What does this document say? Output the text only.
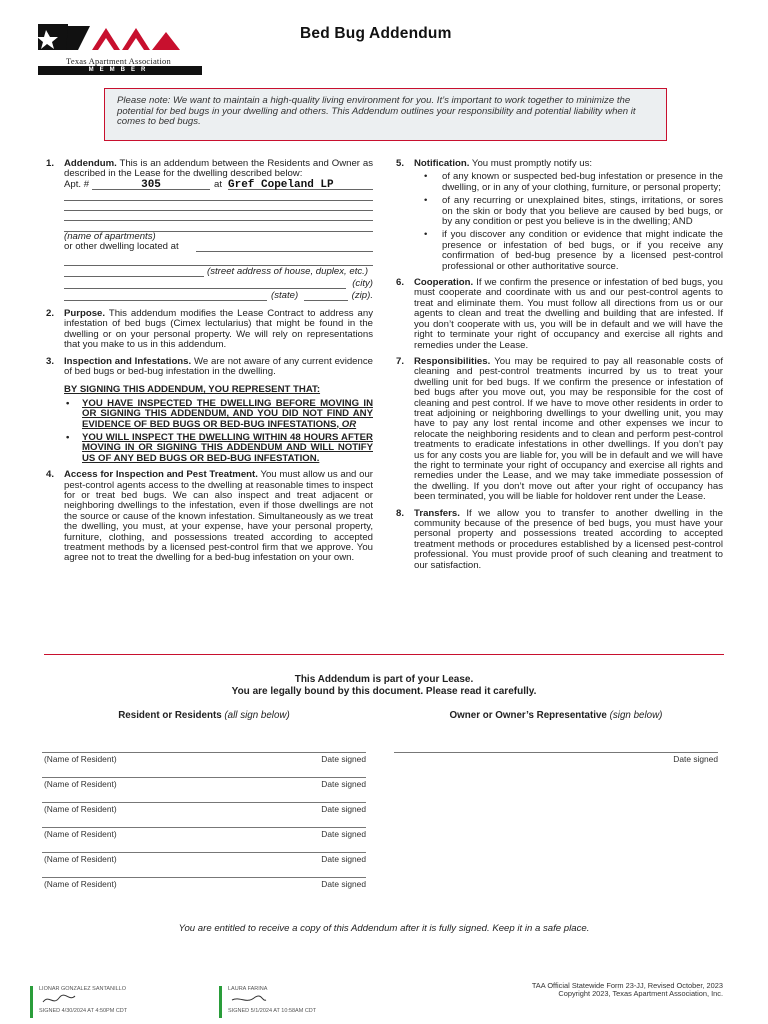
Texas Apartment Association
MEMBER
Bed Bug Addendum
Please note: We want to maintain a high-quality living environment for you. It’s important to work together to minimize the potential for bed bugs in your dwelling and others. This Addendum outlines your responsibility and potential liability when it comes to bed bugs.
1. Addendum. This is an addendum between the Residents and Owner as described in the Lease for the dwelling described below:
Apt. #	305	at Gref Copeland LP
(name of apartments)
or other dwelling located at
(street address of house, duplex, etc.)
(city)
(state)	(zip).
2. Purpose. This addendum modifies the Lease Contract to address any infestation of bed bugs (Cimex lectularius) that might be found in the dwelling or on your personal property. We will rely on representations that you make to us in this addendum.
3. Inspection and Infestations. We are not aware of any current evidence of bed bugs or bed-bug infestation in the dwelling.
BY SIGNING THIS ADDENDUM, YOU REPRESENT THAT:
• YOU HAVE INSPECTED THE DWELLING BEFORE MOVING IN OR SIGNING THIS ADDENDUM, AND YOU DID NOT FIND ANY EVIDENCE OF BED BUGS OR BED-BUG INFESTATIONS, OR
• YOU WILL INSPECT THE DWELLING WITHIN 48 HOURS AFTER MOVING IN OR SIGNING THIS ADDENDUM AND WILL NOTIFY US OF ANY BED BUGS OR BED-BUG INFESTATION.
4. Access for Inspection and Pest Treatment. You must allow us and our pest-control agents access to the dwelling at reasonable times to inspect for or treat bed bugs. We can also inspect and treat adjacent or neighboring dwellings to the infestation, even if those dwellings are not the source or cause of the known infestation. Simultaneously as we treat the dwelling, you must, at your expense, have your personal property, furniture, clothing, and possessions treated according to accepted treatment methods by a licensed pest-control firm that we approve. You agree not to treat the dwelling for a bed-bug infestation on your own.
5. Notification. You must promptly notify us:
• of any known or suspected bed-bug infestation or presence in the dwelling, or in any of your clothing, furniture, or personal property;
• of any recurring or unexplained bites, stings, irritations, or sores on the skin or body that you believe are caused by bed bugs, or by any condition or pest you believe is in the dwelling; AND
• if you discover any condition or evidence that might indicate the presence or infestation of bed bugs, or if you receive any confirmation of bed-bug presence by a licensed pest-control professional or other authoritative source.
6. Cooperation. If we confirm the presence or infestation of bed bugs, you must cooperate and coordinate with us and our pest-control agents to treat and eliminate them. You must follow all directions from us or our agents to clean and treat the dwelling and building that are infested. If you don’t cooperate with us, you will be in default and we will have the right to terminate your right of occupancy and exercise all rights and remedies under the Lease.
7. Responsibilities. You may be required to pay all reasonable costs of cleaning and pest-control treatments incurred by us to treat your dwelling unit for bed bugs. If we confirm the presence or infestation of bed bugs after you move out, you may be responsible for the cost of cleaning and pest control. If we have to move other residents in order to treat adjoining or neighboring dwellings to your dwelling unit, you may have to pay any lost rental income and other expenses we incur to relocate the neighboring residents and to clean and perform pest-control treatments to eradicate infestations in other dwellings. If you don’t pay us for any costs you are liable for, you will be in default and we will have the right to terminate your right of occupancy and exercise all rights and remedies under the Lease, and we may take immediate possession of the dwelling. If you don’t move out after your right of occupancy has been terminated, you will be liable for holdover rent under the Lease.
8. Transfers. If we allow you to transfer to another dwelling in the community because of the presence of bed bugs, you must have your personal property and possessions treated according to accepted treatment methods or procedures established by a licensed pest-control professional. You must provide proof of such cleaning and treatment to our satisfaction.
This Addendum is part of your Lease.
You are legally bound by this document. Please read it carefully.
Resident or Residents (all sign below)	Owner or Owner’s Representative (sign below)
(Name of Resident)	Date signed
(Name of Resident)	Date signed
(Name of Resident)	Date signed
(Name of Resident)	Date signed
(Name of Resident)	Date signed
(Name of Resident)	Date signed
Date signed
You are entitled to receive a copy of this Addendum after it is fully signed. Keep it in a safe place.
LIONAR GONZALEZ SANTANILLO
SIGNED 4/30/2024 AT 4:50PM CDT
LAURA FARINA
SIGNED 5/1/2024 AT 10:58AM CDT
TAA Official Statewide Form 23-JJ, Revised October, 2023
Copyright 2023, Texas Apartment Association, Inc.
